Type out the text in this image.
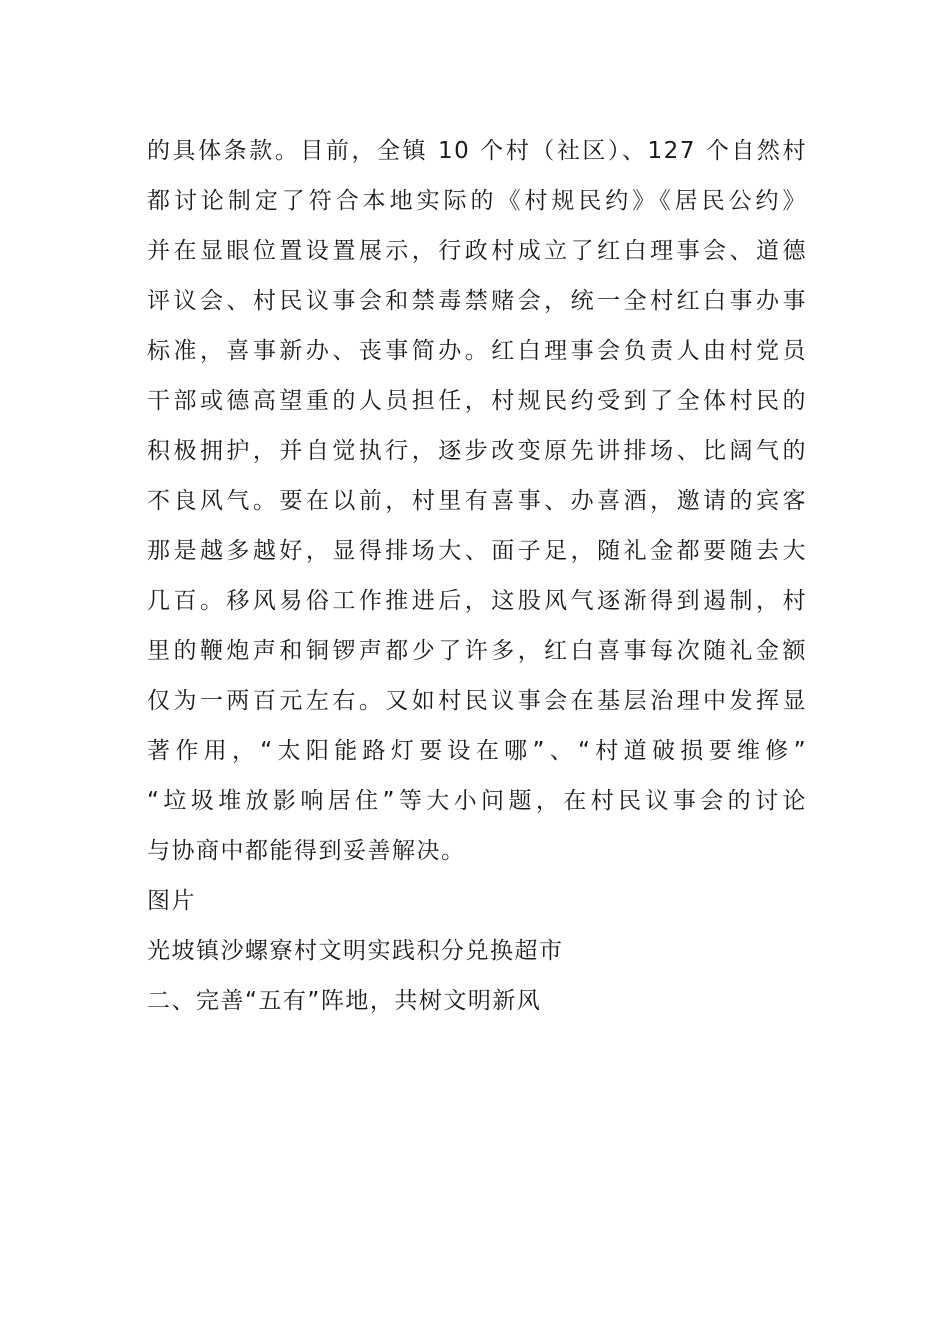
的具体条款。目前，全镇 10 个村（社区）、127 个自然村
都讨论制定了符合本地实际的《村规民约》《居民公约》
并在显眼位置设置展示，行政村成立了红白理事会、道德
评议会、村民议事会和禁毒禁赌会，统一全村红白事办事
标准，喜事新办、丧事简办。红白理事会负责人由村党员
干部或德高望重的人员担任，村规民约受到了全体村民的
积极拥护，并自觉执行，逐步改变原先讲排场、比阔气的
不良风气。要在以前，村里有喜事、办喜酒，邀请的宾客
那是越多越好，显得排场大、面子足，随礼金都要随去大
几百。移风易俗工作推进后，这股风气逐渐得到遏制，村
里的鞭炮声和铜锣声都少了许多，红白喜事每次随礼金额
仅为一两百元左右。又如村民议事会在基层治理中发挥显
著作用，“太阳能路灯要设在哪”、“村道破损要维修”
“垃圾堆放影响居住”等大小问题，在村民议事会的讨论
与协商中都能得到妥善解决。
图片
光坡镇沙螺寮村文明实践积分兑换超市
二、完善“五有”阵地，共树文明新风
